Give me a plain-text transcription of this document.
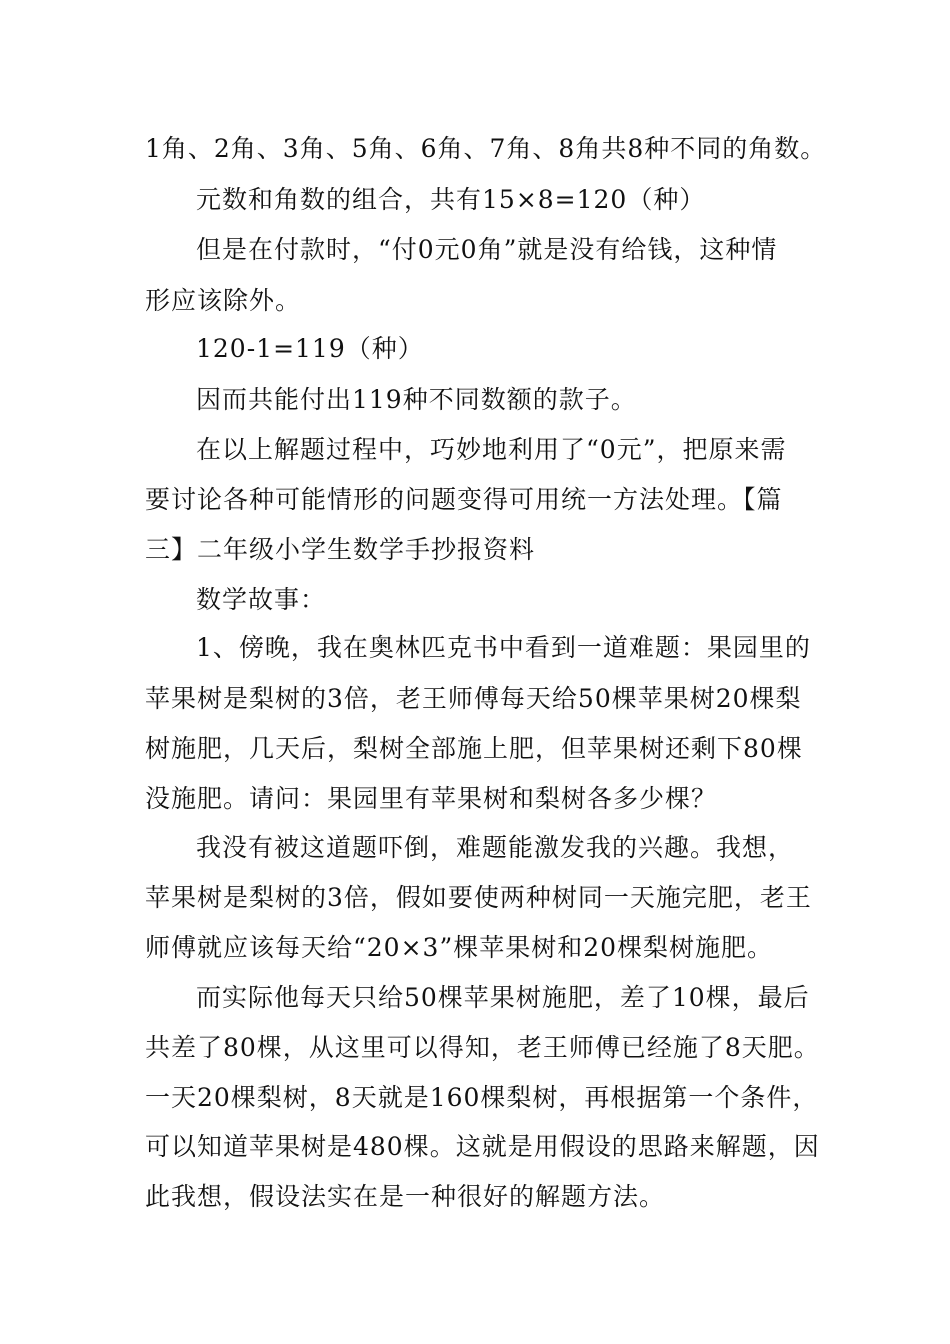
1角、2角、3角、5角、6角、7角、8角共8种不同的角数。
元数和角数的组合，共有15×8=120（种）
但是在付款时，“付0元0角”就是没有给钱，这种情
形应该除外。
120-1=119（种）
因而共能付出119种不同数额的款子。
在以上解题过程中，巧妙地利用了“0元”，把原来需
要讨论各种可能情形的问题变得可用统一方法处理。【篇
三】二年级小学生数学手抄报资料
数学故事：
1、傍晚，我在奥林匹克书中看到一道难题：果园里的
苹果树是梨树的3倍，老王师傅每天给50棵苹果树20棵梨
树施肥，几天后，梨树全部施上肥，但苹果树还剩下80棵
没施肥。请问：果园里有苹果树和梨树各多少棵？
我没有被这道题吓倒，难题能激发我的兴趣。我想，
苹果树是梨树的3倍，假如要使两种树同一天施完肥，老王
师傅就应该每天给“20×3”棵苹果树和20棵梨树施肥。
而实际他每天只给50棵苹果树施肥，差了10棵，最后
共差了80棵，从这里可以得知，老王师傅已经施了8天肥。
一天20棵梨树，8天就是160棵梨树，再根据第一个条件，
可以知道苹果树是480棵。这就是用假设的思路来解题，因
此我想，假设法实在是一种很好的解题方法。
